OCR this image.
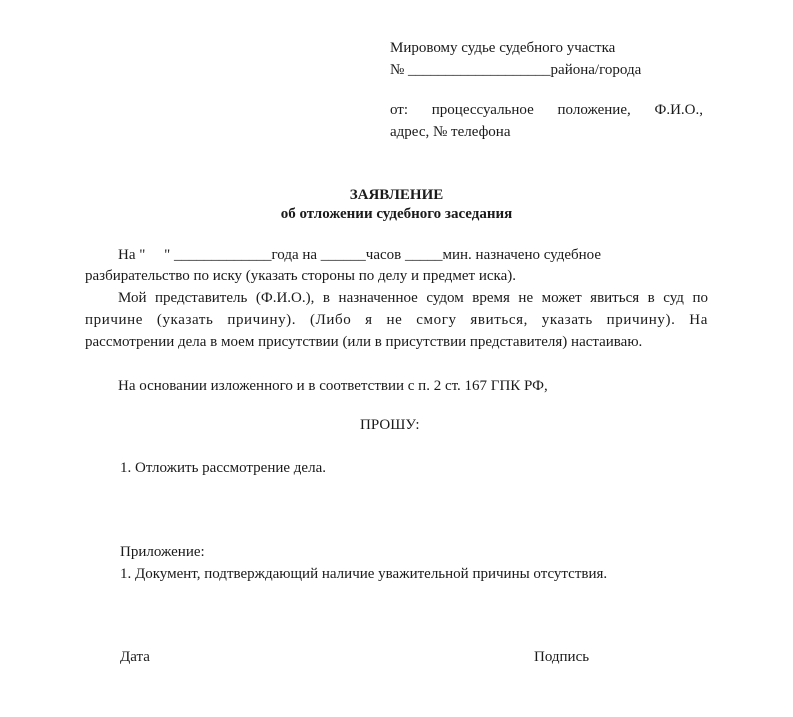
Мировому судье судебного участка
№ ___________________района/города
от: процессуальное положение, Ф.И.О.,
адрес, № телефона
ЗАЯВЛЕНИЕ
об отложении судебного заседания
На "     " _____________года на ______часов _____мин. назначено судебное
разбирательство по иску (указать стороны по делу и предмет иска).
Мой представитель (Ф.И.О.), в назначенное судом время не может явиться в суд по
причине (указать причину). (Либо я не смогу явиться, указать причину). На
рассмотрении дела в моем присутствии (или в присутствии представителя) настаиваю.
На основании изложенного и в соответствии с п. 2 ст. 167 ГПК РФ,
ПРОШУ:
1. Отложить рассмотрение дела.
Приложение:
1. Документ, подтверждающий наличие уважительной причины отсутствия.
Дата	Подпись
